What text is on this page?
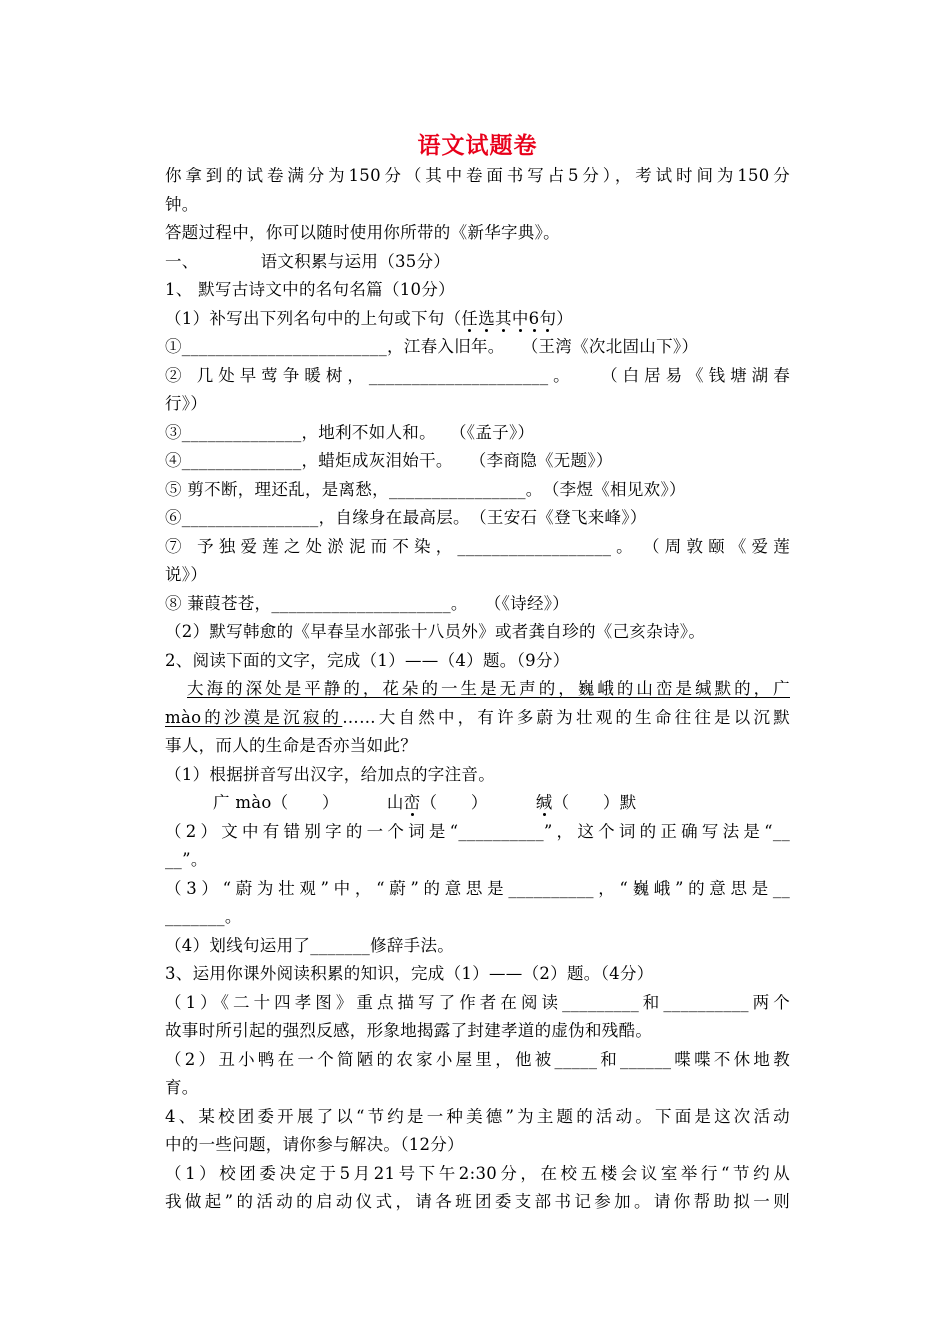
语文试题卷
你拿到的试卷满分为150分（其中卷面书写占5分），考试时间为150分
钟。
答题过程中，你可以随时使用你所带的《新华字典》。
一、	语文积累与运用（35分）
1、 默写古诗文中的名句名篇（10分）
（1）补写出下列名句中的上句或下句（任选其中6句）
①________________________，江春入旧年。　　（王湾《次北固山下》）
② 几处早莺争暖树，_____________________。　　（白居易《钱塘湖春
行》）
③______________，地利不如人和。　 （《孟子》）
④______________，蜡炬成灰泪始干。　　（李商隐《无题》）
⑤ 剪不断，理还乱，是离愁，________________。　（李煜《相见欢》）
⑥________________，自缘身在最高层。　（王安石《登飞来峰》）
⑦ 予独爱莲之处淤泥而不染，__________________。　（周敦颐《爱莲
说》）
⑧ 蒹葭苍苍，_____________________。　　（《诗经》）
（2）默写韩愈的《早春呈水部张十八员外》或者龚自珍的《己亥杂诗》。
2、阅读下面的文字，完成（1）——（4）题。（9分）
大海的深处是平静的，花朵的一生是无声的，巍峨的山峦是缄默的，广
mào的沙漠是沉寂的……大自然中，有许多蔚为壮观的生命往往是以沉默
事人，而人的生命是否亦当如此？
（1）根据拼音写出汉字，给加点的字注音。
广 mào（　　）	山峦（　　）	缄（　　）默
（2）文中有错别字的一个词是“__________”，这个词的正确写法是“__
__”。
（3）“蔚为壮观”中，“蔚”的意思是__________，“巍峨”的意思是__
_______。
（4）划线句运用了_______修辞手法。
3、运用你课外阅读积累的知识，完成（1）——（2）题。（4分）
（1）《二十四孝图》重点描写了作者在阅读_________和__________两个
故事时所引起的强烈反感，形象地揭露了封建孝道的虚伪和残酷。
（2）丑小鸭在一个简陋的农家小屋里，他被_____和______喋喋不休地教
育。
4、某校团委开展了以“节约是一种美德”为主题的活动。下面是这次活动
中的一些问题，请你参与解决。（12分）
（1）校团委决定于5月21号下午2:30分，在校五楼会议室举行“节约从
我做起”的活动的启动仪式，请各班团委支部书记参加。请你帮助拟一则
